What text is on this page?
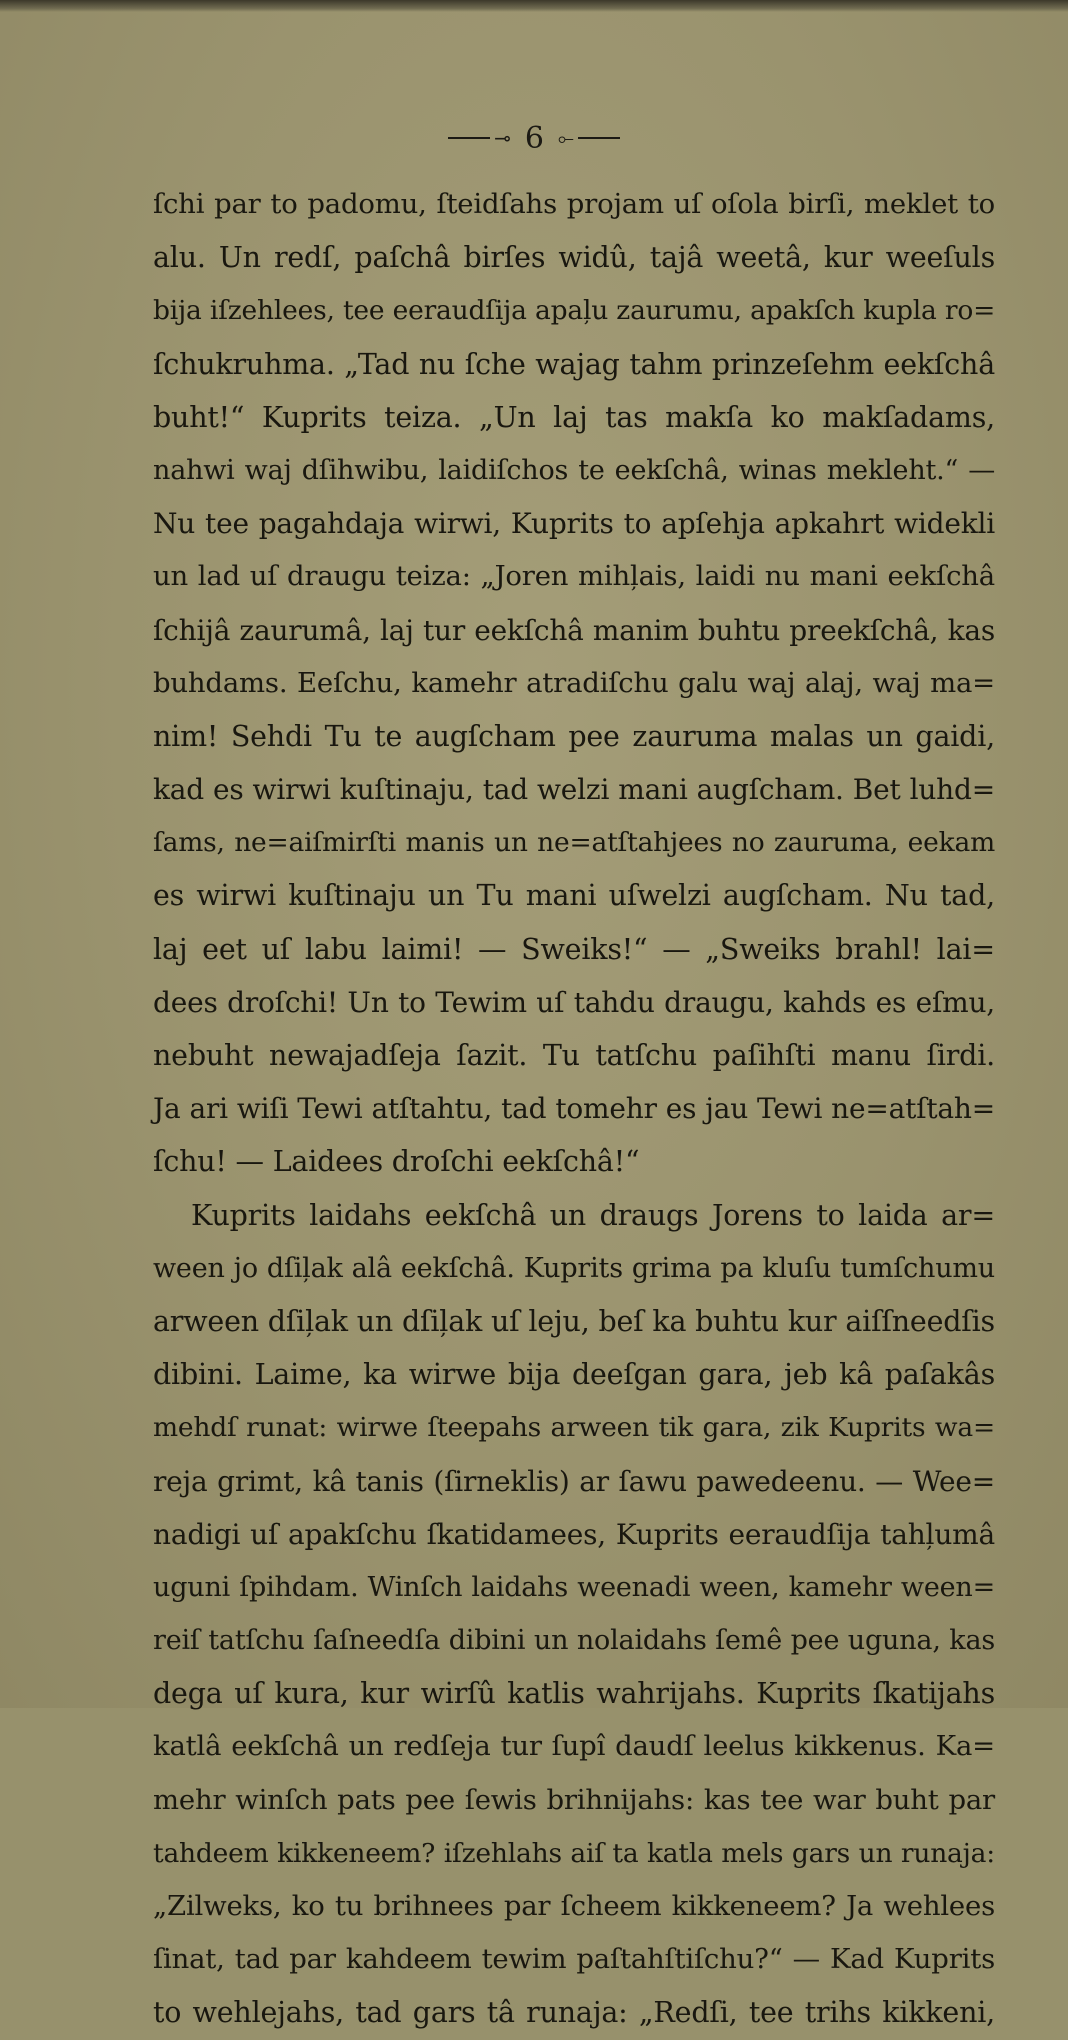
⊸ 6 ⟜
ſchi par to padomu, ſteidſahs projam uſ oſola birſi, meklet to
alu. Un redſ, paſchâ birſes widû, tajâ weetâ, kur weeſuls
bija iſzehlees, tee eeraudſija apaļu zaurumu, apakſch kupla ro=
ſchukruhma. „Tad nu ſche wajag tahm prinzeſehm eekſchâ
buht!“ Kuprits teiza. „Un laj tas makſa ko makſadams,
nahwi waj dſihwibu, laidiſchos te eekſchâ, winas mekleht.“ —
Nu tee pagahdaja wirwi, Kuprits to apſehja apkahrt widekli
un lad uſ draugu teiza: „Joren mihļais, laidi nu mani eekſchâ
ſchijâ zaurumâ, laj tur eekſchâ manim buhtu preekſchâ, kas
buhdams. Eeſchu, kamehr atradiſchu galu waj alaj, waj ma=
nim! Sehdi Tu te augſcham pee zauruma malas un gaidi,
kad es wirwi kuſtinaju, tad welzi mani augſcham. Bet luhd=
ſams, ne=aiſmirſti manis un ne=atſtahjees no zauruma, eekam
es wirwi kuſtinaju un Tu mani uſwelzi augſcham. Nu tad,
laj eet uſ labu laimi! — Sweiks!“ — „Sweiks brahl! lai=
dees droſchi! Un to Tewim uſ tahdu draugu, kahds es eſmu,
nebuht newajadſeja ſazit. Tu tatſchu paſihſti manu ſirdi.
Ja ari wiſi Tewi atſtahtu, tad tomehr es jau Tewi ne=atſtah=
ſchu! — Laidees droſchi eekſchâ!“
Kuprits laidahs eekſchâ un draugs Jorens to laida ar=
ween jo dſiļak alâ eekſchâ. Kuprits grima pa kluſu tumſchumu
arween dſiļak un dſiļak uſ leju, beſ ka buhtu kur aiſſneedſis
dibini. Laime, ka wirwe bija deeſgan gara, jeb kâ paſakâs
mehdſ runat: wirwe ſteepahs arween tik gara, zik Kuprits wa=
reja grimt, kâ tanis (ſirneklis) ar ſawu pawedeenu. — Wee=
nadigi uſ apakſchu ſkatidamees, Kuprits eeraudſija tahļumâ
uguni ſpihdam. Winſch laidahs weenadi ween, kamehr ween=
reiſ tatſchu ſaſneedſa dibini un nolaidahs ſemê pee uguna, kas
dega uſ kura, kur wirſû katlis wahrijahs. Kuprits ſkatijahs
katlâ eekſchâ un redſeja tur ſupî daudſ leelus kikkenus. Ka=
mehr winſch pats pee ſewis brihnijahs: kas tee war buht par
tahdeem kikkeneem? iſzehlahs aiſ ta katla mels gars un runaja:
„Zilweks, ko tu brihnees par ſcheem kikkeneem? Ja wehlees
ſinat, tad par kahdeem tewim paſtahſtiſchu?“ — Kad Kuprits
to wehlejahs, tad gars tâ runaja: „Redſi, tee trihs kikkeni,
